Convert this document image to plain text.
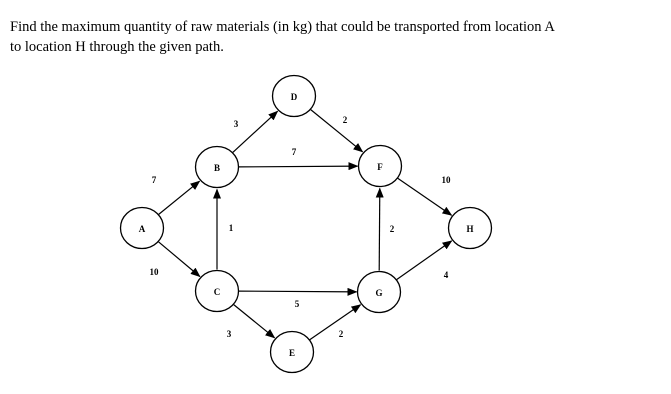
Find the maximum quantity of raw materials (in kg) that could be transported from location A
to location H through the given path.

7
10
1
3
7
2
5
3	2
2
10
4
A
B
C
D
E
F
G
H
